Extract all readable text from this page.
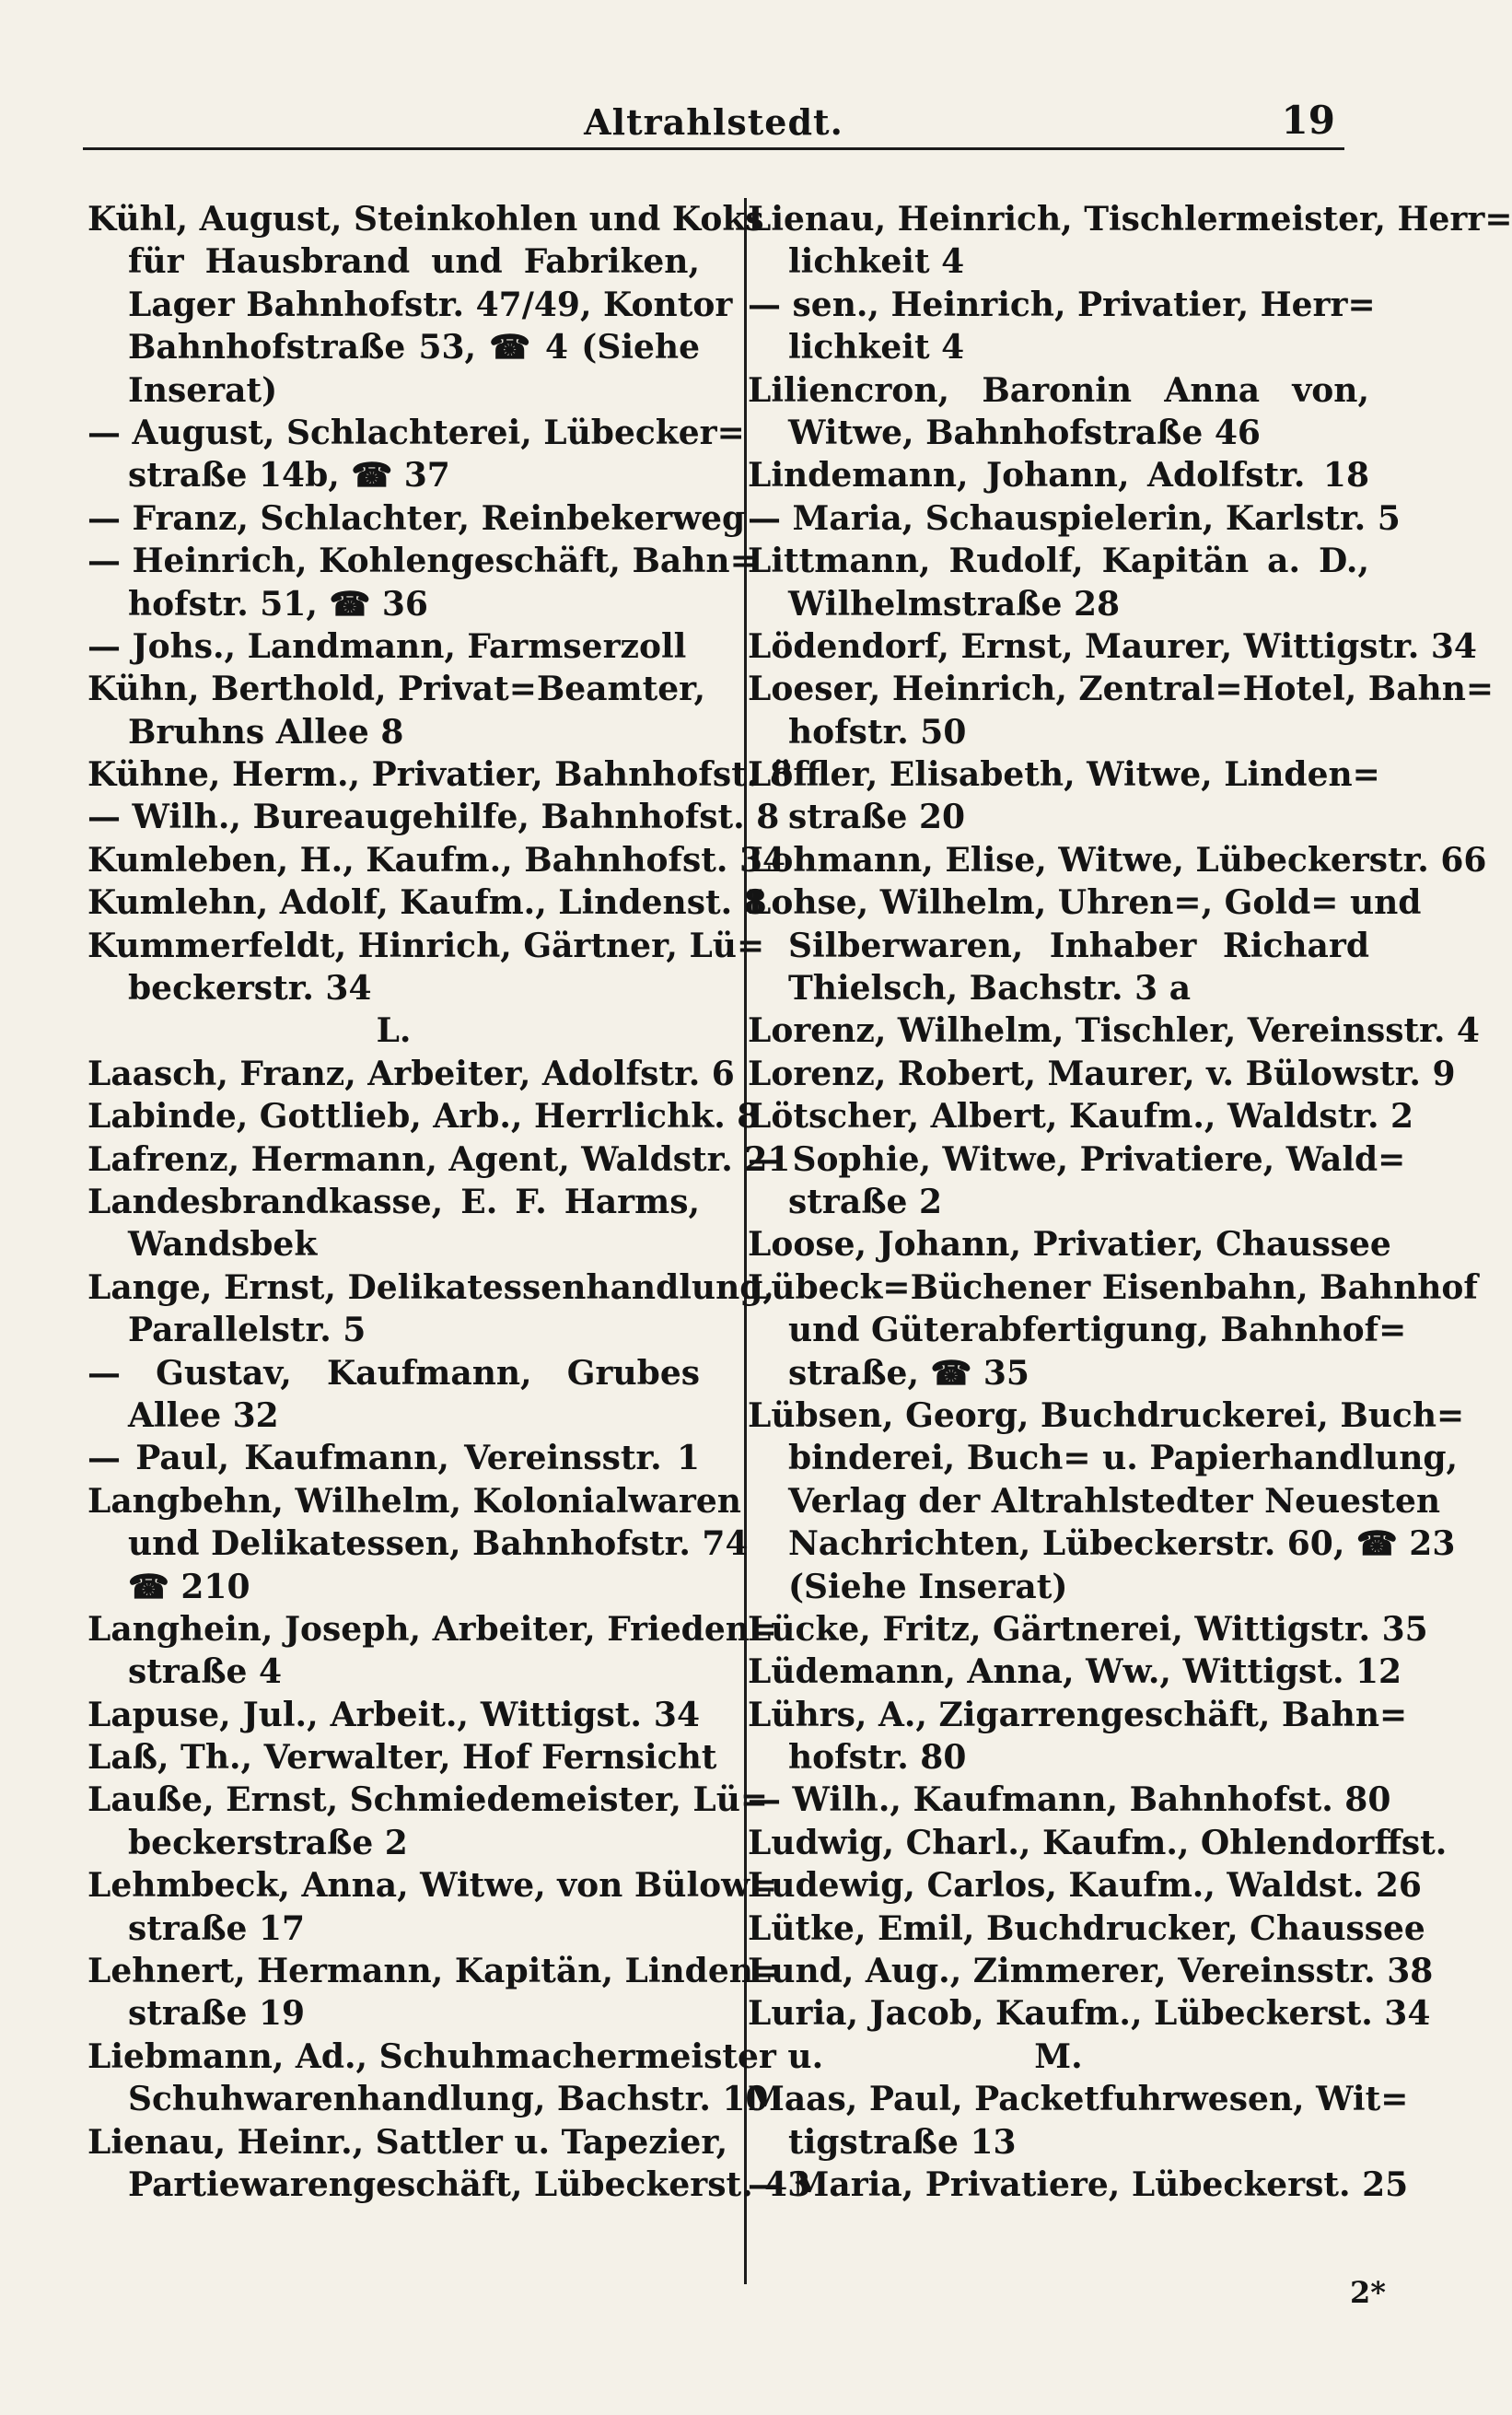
Altrahlstedt.	19
Kühl, August, Steinkohlen und Koks
für Hausbrand und Fabriken,
Lager Bahnhofstr. 47/49, Kontor
Bahnhofstraße 53, ☎ 4 (Siehe
Inserat)
— August, Schlachterei, Lübecker=
straße 14b, ☎ 37
— Franz, Schlachter, Reinbekerweg
— Heinrich, Kohlengeschäft, Bahn=
hofstr. 51, ☎ 36
— Johs., Landmann, Farmserzoll
Kühn, Berthold, Privat=Beamter,
Bruhns Allee 8
Kühne, Herm., Privatier, Bahnhofst. 8
— Wilh., Bureaugehilfe, Bahnhofst. 8
Kumleben, H., Kaufm., Bahnhofst. 34
Kumlehn, Adolf, Kaufm., Lindenst. 8
Kummerfeldt, Hinrich, Gärtner, Lü=
beckerstr. 34
L.
Laasch, Franz, Arbeiter, Adolfstr. 6
Labinde, Gottlieb, Arb., Herrlichk. 8
Lafrenz, Hermann, Agent, Waldstr. 21
Landesbrandkasse, E. F. Harms,
Wandsbek
Lange, Ernst, Delikatessenhandlung,
Parallelstr. 5
— Gustav, Kaufmann, Grubes
Allee 32
— Paul, Kaufmann, Vereinsstr. 1
Langbehn, Wilhelm, Kolonialwaren
und Delikatessen, Bahnhofstr. 74
☎ 210
Langhein, Joseph, Arbeiter, Frieden=
straße 4
Lapuse, Jul., Arbeit., Wittigst. 34
Laß, Th., Verwalter, Hof Fernsicht
Lauße, Ernst, Schmiedemeister, Lü=
beckerstraße 2
Lehmbeck, Anna, Witwe, von Bülow=
straße 17
Lehnert, Hermann, Kapitän, Linden=
straße 19
Liebmann, Ad., Schuhmachermeister u.
Schuhwarenhandlung, Bachstr. 10
Lienau, Heinr., Sattler u. Tapezier,
Partiewarengeschäft, Lübeckerst. 43
Lienau, Heinrich, Tischlermeister, Herr=
lichkeit 4
— sen., Heinrich, Privatier, Herr=
lichkeit 4
Liliencron, Baronin Anna von,
Witwe, Bahnhofstraße 46
Lindemann, Johann, Adolfstr. 18
— Maria, Schauspielerin, Karlstr. 5
Littmann, Rudolf, Kapitän a. D.,
Wilhelmstraße 28
Lödendorf, Ernst, Maurer, Wittigstr. 34
Loeser, Heinrich, Zentral=Hotel, Bahn=
hofstr. 50
Löffler, Elisabeth, Witwe, Linden=
straße 20
Lohmann, Elise, Witwe, Lübeckerstr. 66
Lohse, Wilhelm, Uhren=, Gold= und
Silberwaren, Inhaber Richard
Thielsch, Bachstr. 3 a
Lorenz, Wilhelm, Tischler, Vereinsstr. 4
Lorenz, Robert, Maurer, v. Bülowstr. 9
Lötscher, Albert, Kaufm., Waldstr. 2
— Sophie, Witwe, Privatiere, Wald=
straße 2
Loose, Johann, Privatier, Chaussee
Lübeck=Büchener Eisenbahn, Bahnhof
und Güterabfertigung, Bahnhof=
straße, ☎ 35
Lübsen, Georg, Buchdruckerei, Buch=
binderei, Buch= u. Papierhandlung,
Verlag der Altrahlstedter Neuesten
Nachrichten, Lübeckerstr. 60, ☎ 23
(Siehe Inserat)
Lücke, Fritz, Gärtnerei, Wittigstr. 35
Lüdemann, Anna, Ww., Wittigst. 12
Lührs, A., Zigarrengeschäft, Bahn=
hofstr. 80
— Wilh., Kaufmann, Bahnhofst. 80
Ludwig, Charl., Kaufm., Ohlendorffst.
Ludewig, Carlos, Kaufm., Waldst. 26
Lütke, Emil, Buchdrucker, Chaussee
Lund, Aug., Zimmerer, Vereinsstr. 38
Luria, Jacob, Kaufm., Lübeckerst. 34
M.
Maas, Paul, Packetfuhrwesen, Wit=
tigstraße 13
— Maria, Privatiere, Lübeckerst. 25
2*
